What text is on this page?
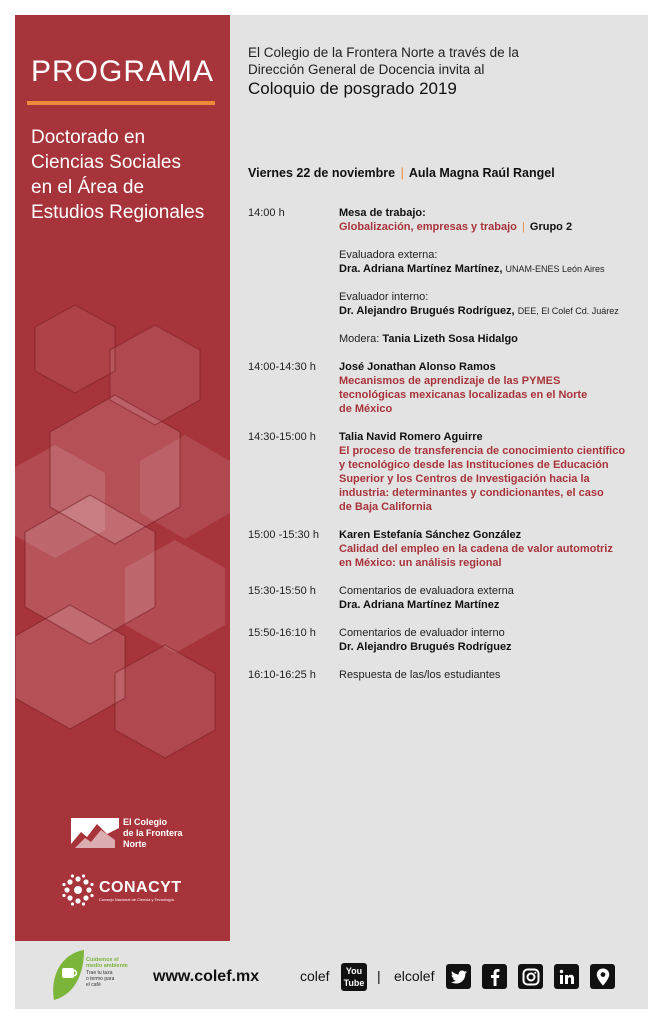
PROGRAMA
Doctorado en
Ciencias Sociales
en el Área de
Estudios Regionales
El Colegio
de la Frontera
Norte
CONACYT
Consejo Nacional de Ciencia y Tecnología
El Colegio de la Frontera Norte a través de la
Dirección General de Docencia invita al
Coloquio de posgrado 2019
Viernes 22 de noviembre | Aula Magna Raúl Rangel
14:00 h	Mesa de trabajo:
Globalización, empresas y trabajo | Grupo 2
Evaluadora externa:
Dra. Adriana Martínez Martínez, UNAM-ENES León Aires
Evaluador interno:
Dr. Alejandro Brugués Rodríguez, DEE, El Colef Cd. Juárez
Modera: Tania Lizeth Sosa Hidalgo
14:00-14:30 h	José Jonathan Alonso Ramos
Mecanismos de aprendizaje de las PYMES
tecnológicas mexicanas localizadas en el Norte
de México
14:30-15:00 h	Talia Navid Romero Aguirre
El proceso de transferencia de conocimiento científico
y tecnológico desde las Instituciones de Educación
Superior y los Centros de Investigación hacia la
industria: determinantes y condicionantes, el caso
de Baja California
15:00 -15:30 h	Karen Estefanía Sánchez González
Calidad del empleo en la cadena de valor automotriz
en México: un análisis regional
15:30-15:50 h	Comentarios de evaluadora externa
Dra. Adriana Martínez Martínez
15:50-16:10 h	Comentarios de evaluador interno
Dr. Alejandro Brugués Rodríguez
16:10-16:25 h	Respuesta de las/los estudiantes
Cuidemos el
medio ambiente
Trae tu taza
o termo para
el café	www.colef.mx	colef	You
Tube | elcolef
